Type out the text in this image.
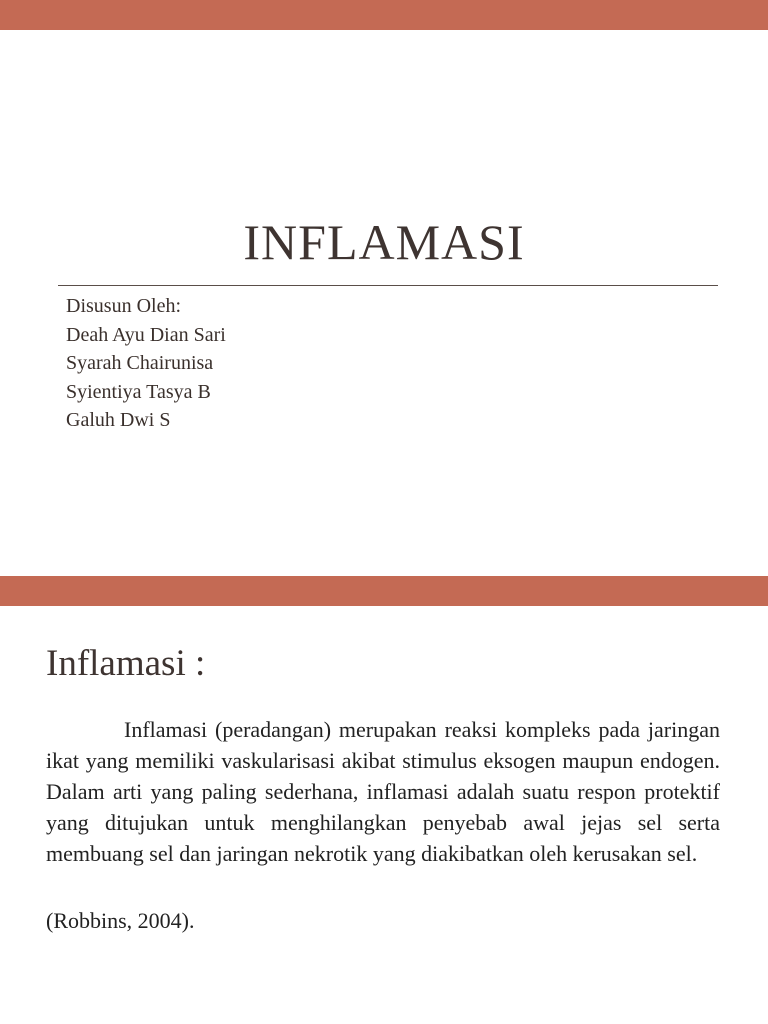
INFLAMASI
Disusun Oleh:
Deah Ayu Dian Sari
Syarah Chairunisa
Syientiya Tasya B
Galuh Dwi S
Inflamasi :
Inflamasi (peradangan) merupakan reaksi kompleks pada jaringan ikat yang memiliki vaskularisasi akibat stimulus eksogen maupun endogen. Dalam arti yang paling sederhana, inflamasi adalah suatu respon protektif yang ditujukan untuk menghilangkan penyebab awal jejas sel serta membuang sel dan jaringan nekrotik yang diakibatkan oleh kerusakan sel.
(Robbins, 2004).
